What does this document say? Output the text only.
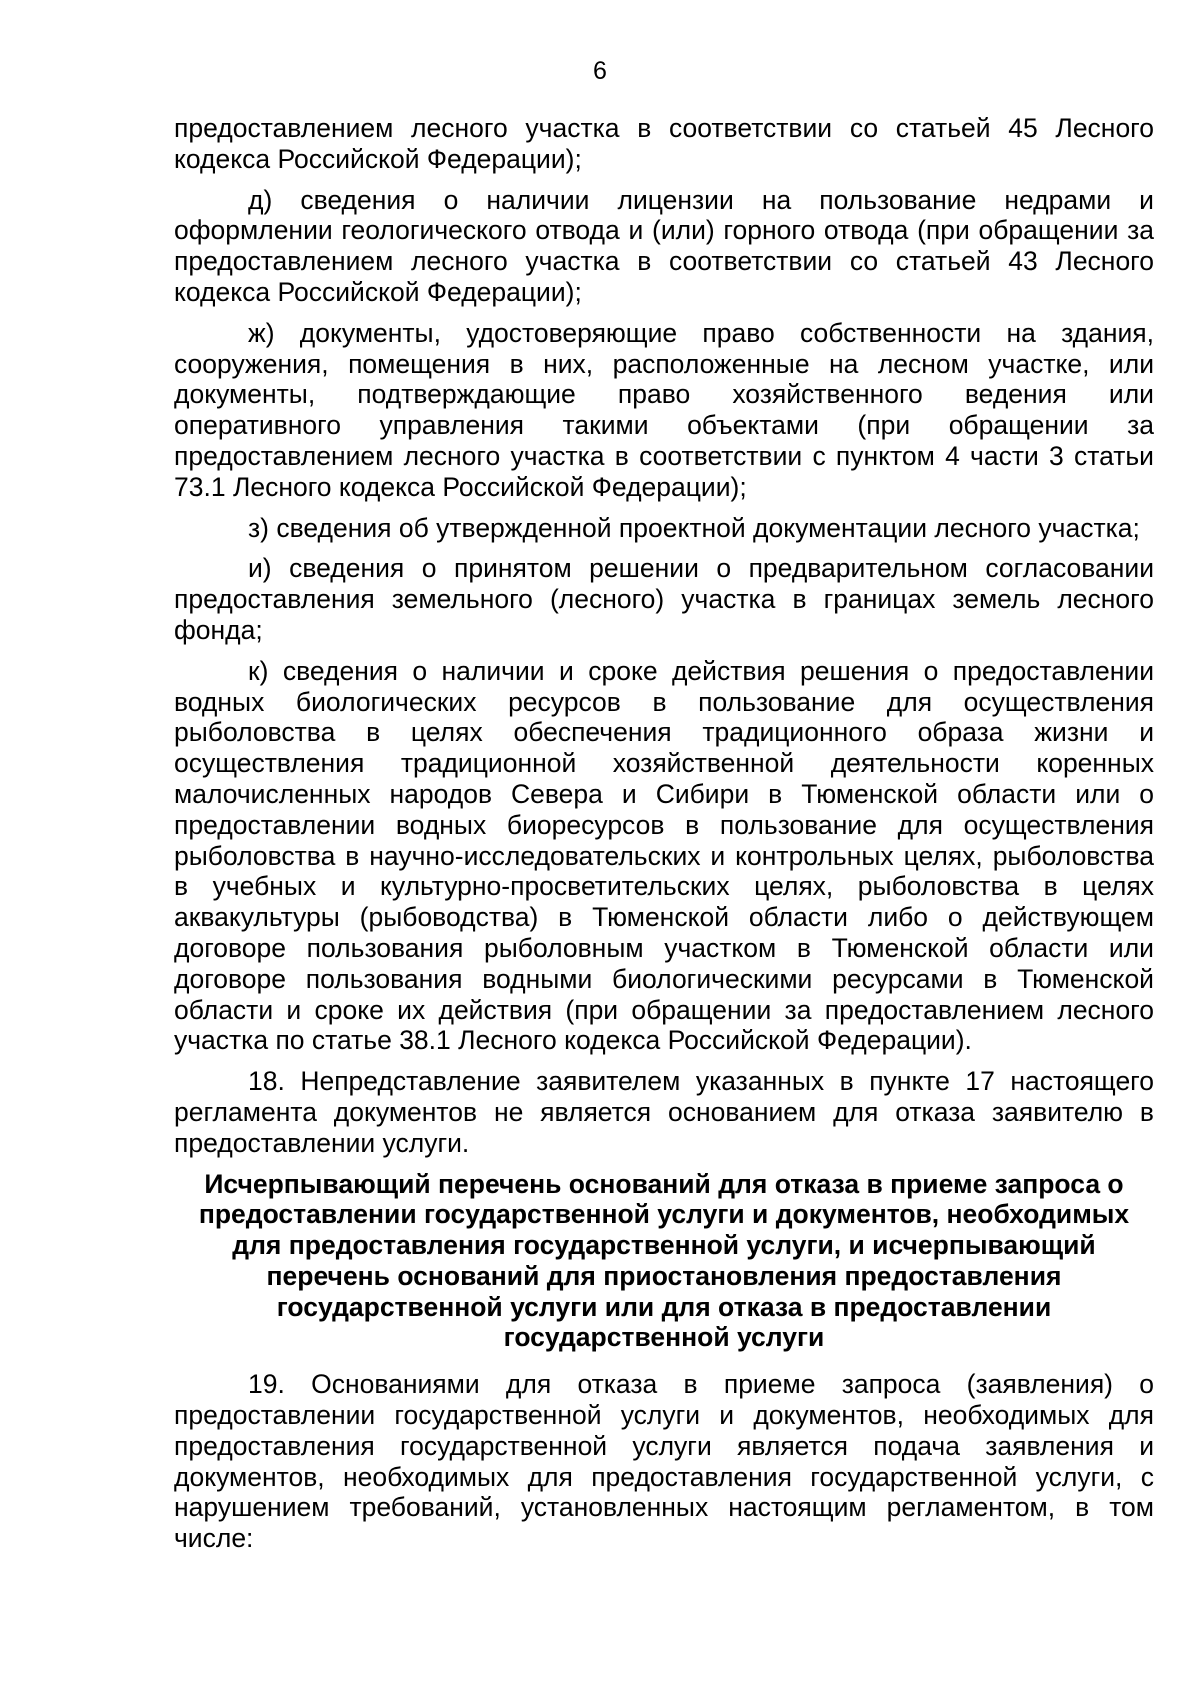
6

предоставлением лесного участка в соответствии со статьей 45 Лесного кодекса Российской Федерации);

д) сведения о наличии лицензии на пользование недрами и оформлении геологического отвода и (или) горного отвода (при обращении за предоставлением лесного участка в соответствии со статьей 43 Лесного кодекса Российской Федерации);

ж) документы, удостоверяющие право собственности на здания, сооружения, помещения в них, расположенные на лесном участке, или документы, подтверждающие право хозяйственного ведения или оперативного управления такими объектами (при обращении за предоставлением лесного участка в соответствии с пунктом 4 части 3 статьи 73.1 Лесного кодекса Российской Федерации);

з) сведения об утвержденной проектной документации лесного участка;

и) сведения о принятом решении о предварительном согласовании предоставления земельного (лесного) участка в границах земель лесного фонда;

к) сведения о наличии и сроке действия решения о предоставлении водных биологических ресурсов в пользование для осуществления рыболовства в целях обеспечения традиционного образа жизни и осуществления традиционной хозяйственной деятельности коренных малочисленных народов Севера и Сибири в Тюменской области или о предоставлении водных биоресурсов в пользование для осуществления рыболовства в научно-исследовательских и контрольных целях, рыболовства в учебных и культурно-просветительских целях, рыболовства в целях аквакультуры (рыбоводства) в Тюменской области либо о действующем договоре пользования рыболовным участком в Тюменской области или договоре пользования водными биологическими ресурсами в Тюменской области и сроке их действия (при обращении за предоставлением лесного участка по статье 38.1 Лесного кодекса Российской Федерации).

18. Непредставление заявителем указанных в пункте 17 настоящего регламента документов не является основанием для отказа заявителю в предоставлении услуги.

Исчерпывающий перечень оснований для отказа в приеме запроса о
предоставлении государственной услуги и документов, необходимых
для предоставления государственной услуги, и исчерпывающий
перечень оснований для приостановления предоставления
государственной услуги или для отказа в предоставлении
государственной услуги

19. Основаниями для отказа в приеме запроса (заявления) о предоставлении государственной услуги и документов, необходимых для предоставления государственной услуги является подача заявления и документов, необходимых для предоставления государственной услуги, с нарушением требований, установленных настоящим регламентом, в том числе:
